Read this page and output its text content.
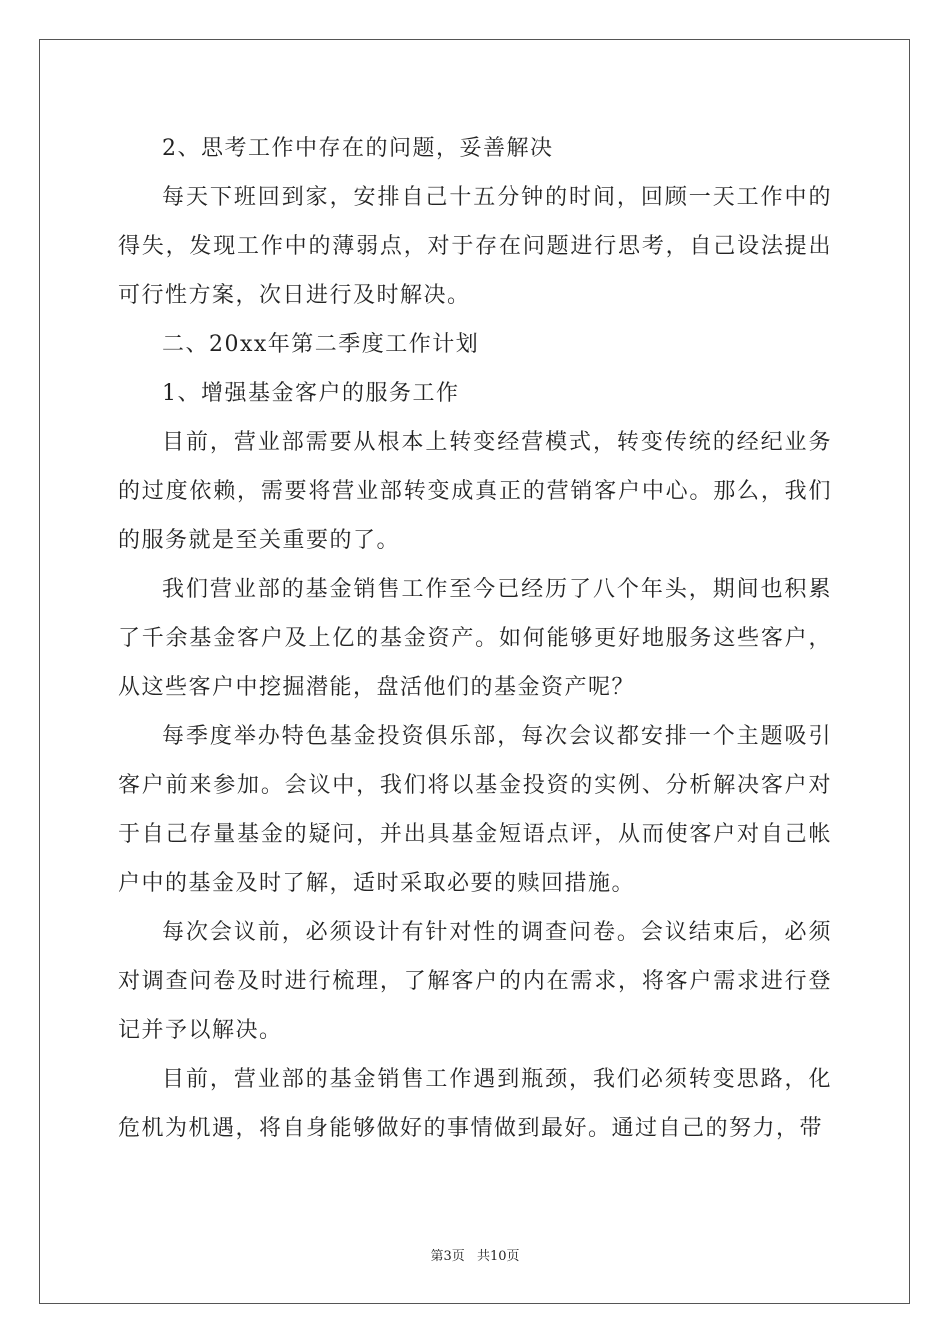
2、思考工作中存在的问题，妥善解决

每天下班回到家，安排自己十五分钟的时间，回顾一天工作中的得失，发现工作中的薄弱点，对于存在问题进行思考，自己设法提出可行性方案，次日进行及时解决。

二、20xx年第二季度工作计划

1、增强基金客户的服务工作

目前，营业部需要从根本上转变经营模式，转变传统的经纪业务的过度依赖，需要将营业部转变成真正的营销客户中心。那么，我们的服务就是至关重要的了。

我们营业部的基金销售工作至今已经历了八个年头，期间也积累了千余基金客户及上亿的基金资产。如何能够更好地服务这些客户，从这些客户中挖掘潜能，盘活他们的基金资产呢？

每季度举办特色基金投资俱乐部，每次会议都安排一个主题吸引客户前来参加。会议中，我们将以基金投资的实例、分析解决客户对于自己存量基金的疑问，并出具基金短语点评，从而使客户对自己帐户中的基金及时了解，适时采取必要的赎回措施。

每次会议前，必须设计有针对性的调查问卷。会议结束后，必须对调查问卷及时进行梳理，了解客户的内在需求，将客户需求进行登记并予以解决。

目前，营业部的基金销售工作遇到瓶颈，我们必须转变思路，化危机为机遇，将自身能够做好的事情做到最好。通过自己的努力，带

第3页 共10页
